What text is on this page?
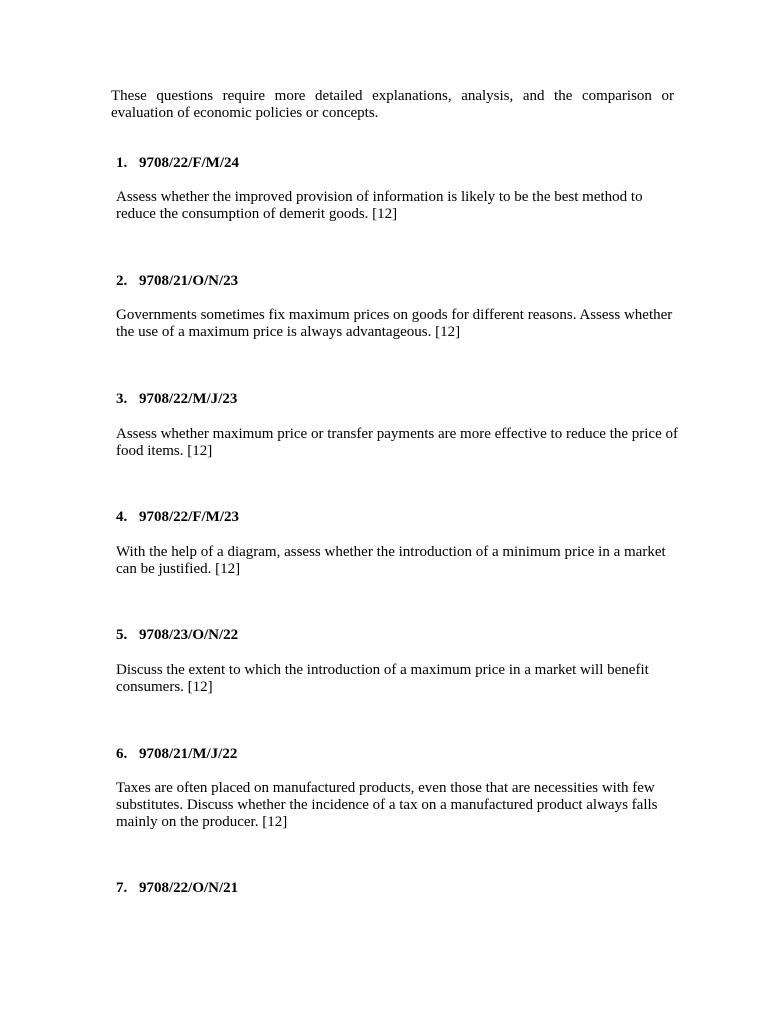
These questions require more detailed explanations, analysis, and the comparison or evaluation of economic policies or concepts.

1. 9708/22/F/M/24

Assess whether the improved provision of information is likely to be the best method to reduce the consumption of demerit goods. [12]

2. 9708/21/O/N/23

Governments sometimes fix maximum prices on goods for different reasons. Assess whether the use of a maximum price is always advantageous. [12]

3. 9708/22/M/J/23

Assess whether maximum price or transfer payments are more effective to reduce the price of food items. [12]

4. 9708/22/F/M/23

With the help of a diagram, assess whether the introduction of a minimum price in a market can be justified. [12]

5. 9708/23/O/N/22

Discuss the extent to which the introduction of a maximum price in a market will benefit consumers. [12]

6. 9708/21/M/J/22

Taxes are often placed on manufactured products, even those that are necessities with few substitutes. Discuss whether the incidence of a tax on a manufactured product always falls mainly on the producer. [12]

7. 9708/22/O/N/21
